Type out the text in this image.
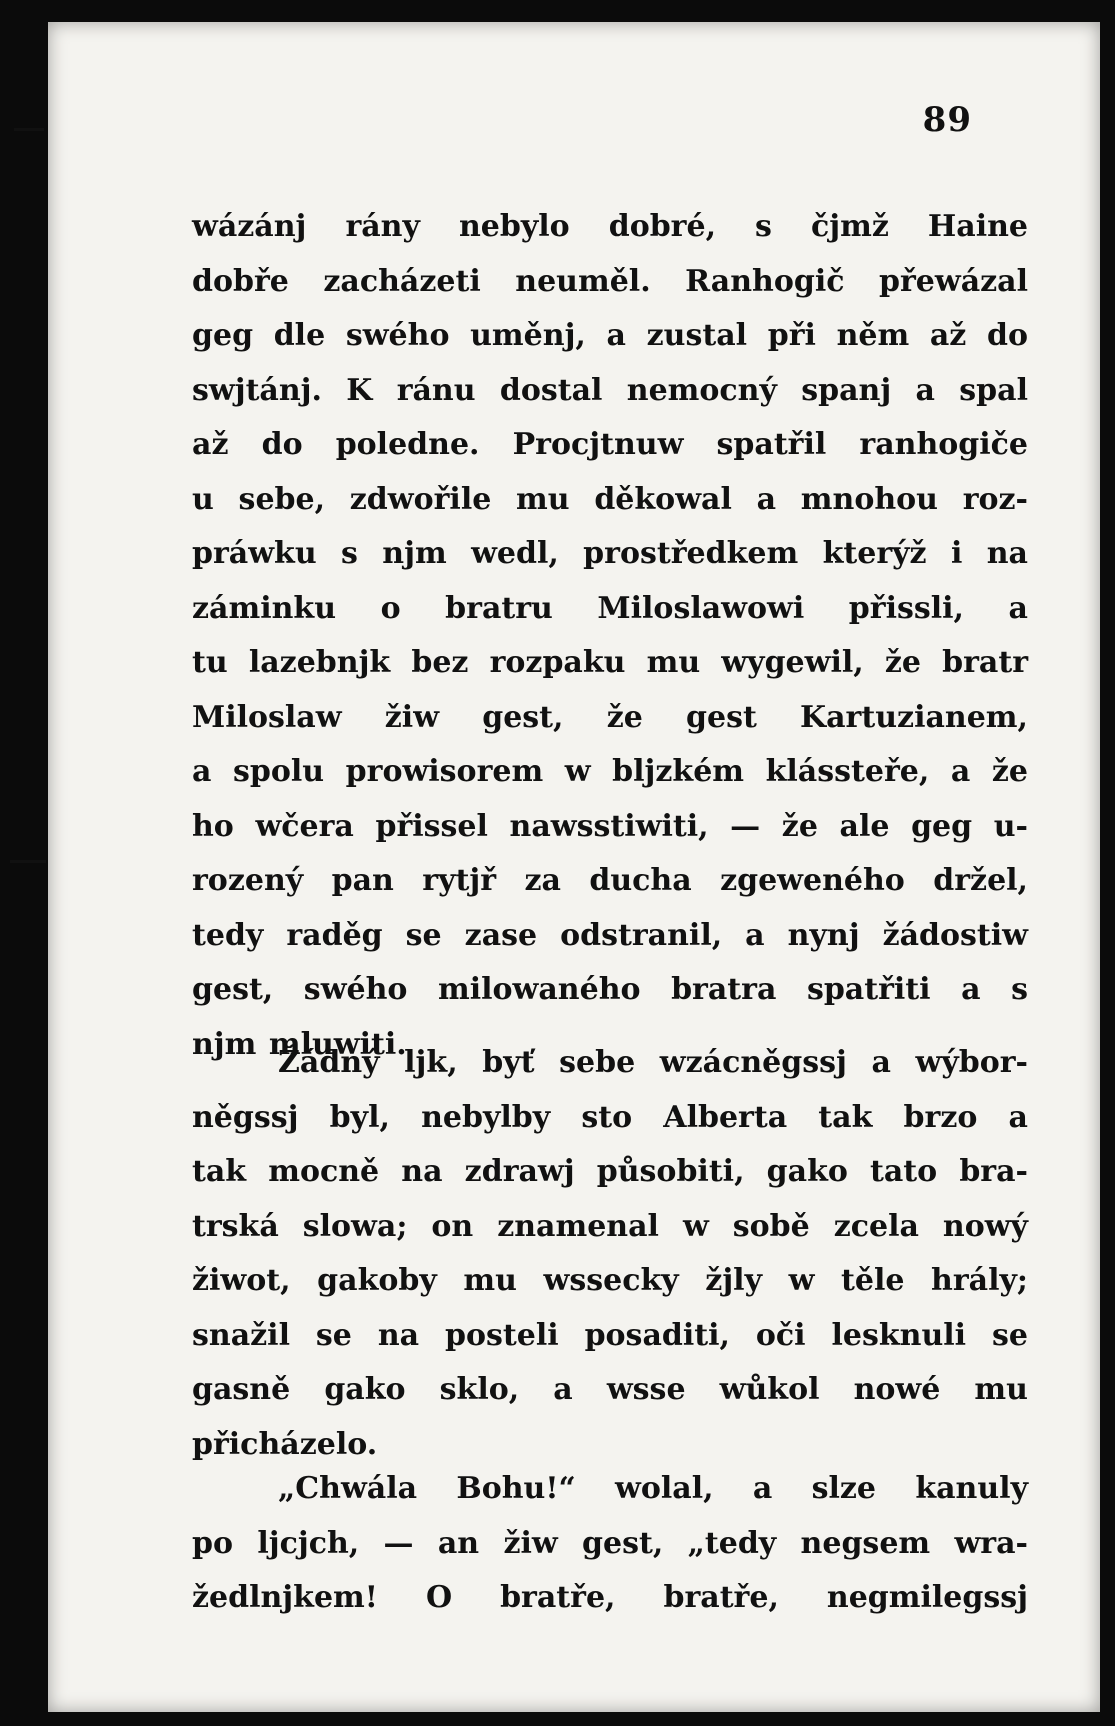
89
wázánj rány nebylo dobré, s čjmž Haine
dobře zacházeti neuměl. Ranhogič přewázal
geg dle swého uměnj, a zustal při něm až do
swjtánj. K ránu dostal nemocný spanj a spal
až do poledne. Procjtnuw spatřil ranhogiče
u sebe, zdwořile mu děkowal a mnohou roz-
práwku s njm wedl, prostředkem kterýž i na
záminku o bratru Miloslawowi přissli, a
tu lazebnjk bez rozpaku mu wygewil, že bratr
Miloslaw žiw gest, že gest Kartuzianem,
a spolu prowisorem w bljzkém klássteře, a že
ho wčera přissel nawsstiwiti, — že ale geg u-
rozený pan rytjř za ducha zgeweného držel,
tedy raděg se zase odstranil, a nynj žádostiw
gest, swého milowaného bratra spatřiti a s
njm mluwiti.
Žádný ljk, byť sebe wzácněgssj a wýbor-
něgssj byl, nebylby sto Alberta tak brzo a
tak mocně na zdrawj působiti, gako tato bra-
trská slowa; on znamenal w sobě zcela nowý
žiwot, gakoby mu wssecky žjly w těle hrály;
snažil se na posteli posaditi, oči lesknuli se
gasně gako sklo, a wsse wůkol nowé mu
přicházelo.
„Chwála Bohu!“ wolal, a slze kanuly
po ljcjch, — an žiw gest, „tedy negsem wra-
žedlnjkem! O bratře, bratře, negmilegssj
